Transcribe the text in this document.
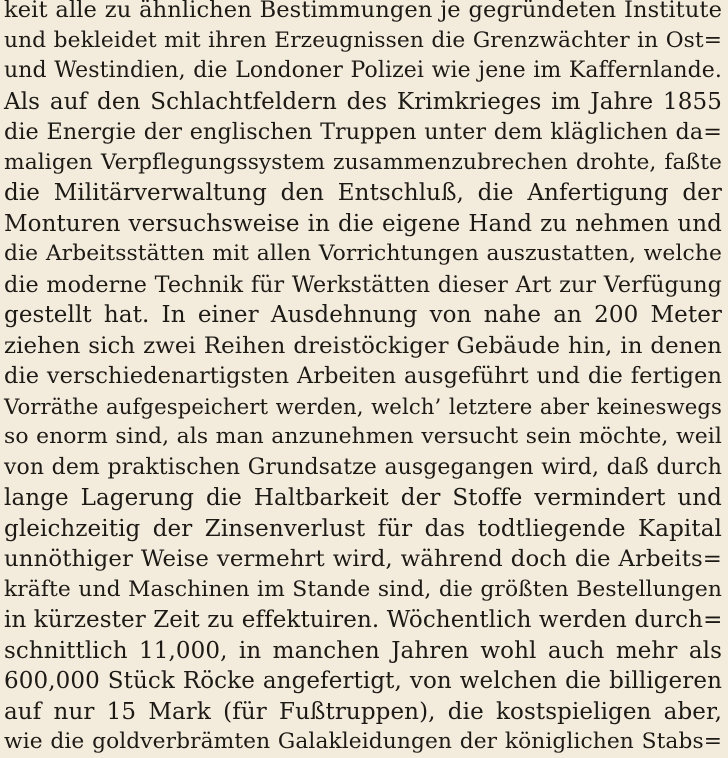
keit alle zu ähnlichen Bestimmungen je gegründeten Institute
und bekleidet mit ihren Erzeugnissen die Grenzwächter in Ost=
und Westindien, die Londoner Polizei wie jene im Kaffernlande.
Als auf den Schlachtfeldern des Krimkrieges im Jahre 1855
die Energie der englischen Truppen unter dem kläglichen da=
maligen Verpflegungssystem zusammenzubrechen drohte, faßte
die Militärverwaltung den Entschluß, die Anfertigung der
Monturen versuchsweise in die eigene Hand zu nehmen und
die Arbeitsstätten mit allen Vorrichtungen auszustatten, welche
die moderne Technik für Werkstätten dieser Art zur Verfügung
gestellt hat. In einer Ausdehnung von nahe an 200 Meter
ziehen sich zwei Reihen dreistöckiger Gebäude hin, in denen
die verschiedenartigsten Arbeiten ausgeführt und die fertigen
Vorräthe aufgespeichert werden, welch’ letztere aber keineswegs
so enorm sind, als man anzunehmen versucht sein möchte, weil
von dem praktischen Grundsatze ausgegangen wird, daß durch
lange Lagerung die Haltbarkeit der Stoffe vermindert und
gleichzeitig der Zinsenverlust für das todtliegende Kapital
unnöthiger Weise vermehrt wird, während doch die Arbeits=
kräfte und Maschinen im Stande sind, die größten Bestellungen
in kürzester Zeit zu effektuiren. Wöchentlich werden durch=
schnittlich 11,000, in manchen Jahren wohl auch mehr als
600,000 Stück Röcke angefertigt, von welchen die billigeren
auf nur 15 Mark (für Fußtruppen), die kostspieligen aber,
wie die goldverbrämten Galakleidungen der königlichen Stabs=
